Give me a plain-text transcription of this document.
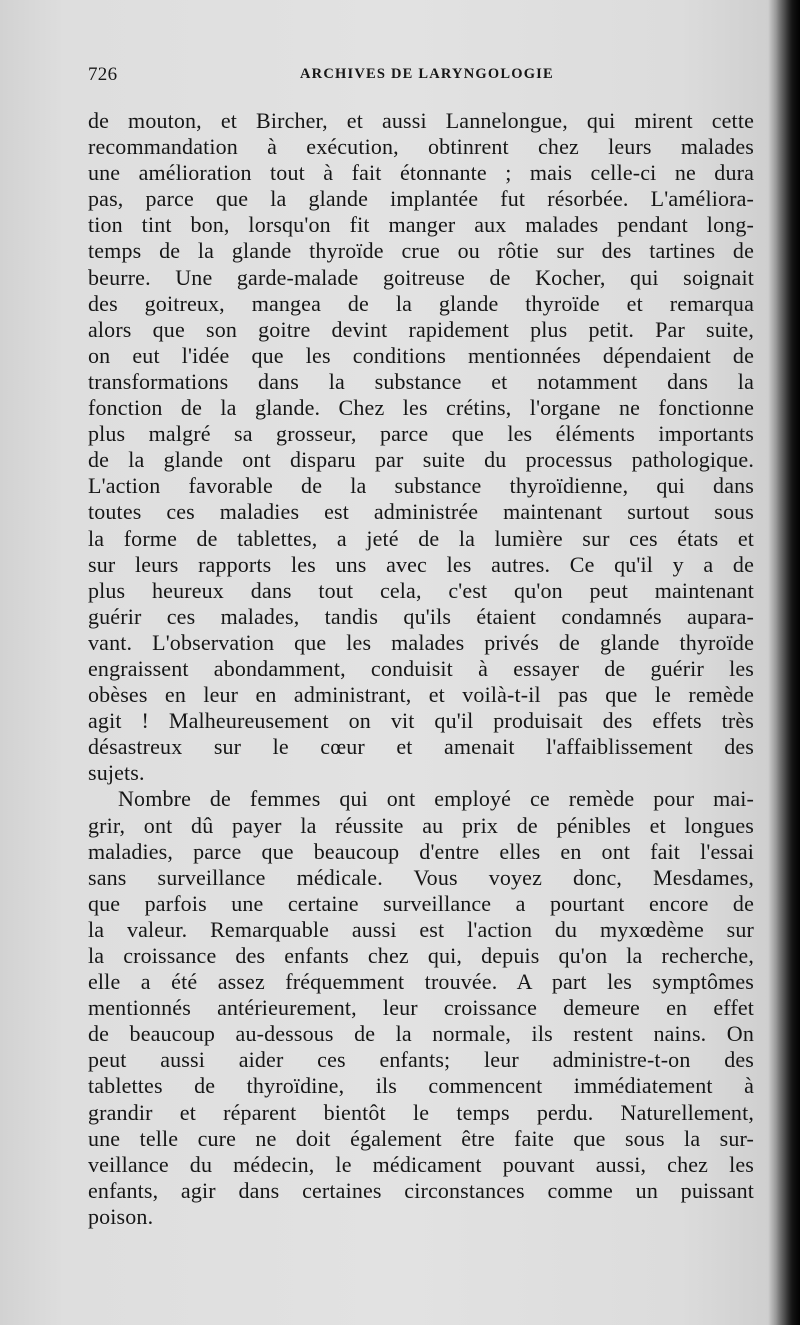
726	ARCHIVES DE LARYNGOLOGIE
de mouton, et Bircher, et aussi Lannelongue, qui mirent cette
recommandation à exécution, obtinrent chez leurs malades
une amélioration tout à fait étonnante ; mais celle-ci ne dura
pas, parce que la glande implantée fut résorbée. L'améliora-
tion tint bon, lorsqu'on fit manger aux malades pendant long-
temps de la glande thyroïde crue ou rôtie sur des tartines de
beurre. Une garde-malade goitreuse de Kocher, qui soignait
des goitreux, mangea de la glande thyroïde et remarqua
alors que son goitre devint rapidement plus petit. Par suite,
on eut l'idée que les conditions mentionnées dépendaient de
transformations dans la substance et notamment dans la
fonction de la glande. Chez les crétins, l'organe ne fonctionne
plus malgré sa grosseur, parce que les éléments importants
de la glande ont disparu par suite du processus pathologique.
L'action favorable de la substance thyroïdienne, qui dans
toutes ces maladies est administrée maintenant surtout sous
la forme de tablettes, a jeté de la lumière sur ces états et
sur leurs rapports les uns avec les autres. Ce qu'il y a de
plus heureux dans tout cela, c'est qu'on peut maintenant
guérir ces malades, tandis qu'ils étaient condamnés aupara-
vant. L'observation que les malades privés de glande thyroïde
engraissent abondamment, conduisit à essayer de guérir les
obèses en leur en administrant, et voilà-t-il pas que le remède
agit ! Malheureusement on vit qu'il produisait des effets très
désastreux sur le cœur et amenait l'affaiblissement des
sujets.
Nombre de femmes qui ont employé ce remède pour mai-
grir, ont dû payer la réussite au prix de pénibles et longues
maladies, parce que beaucoup d'entre elles en ont fait l'essai
sans surveillance médicale. Vous voyez donc, Mesdames,
que parfois une certaine surveillance a pourtant encore de
la valeur. Remarquable aussi est l'action du myxœdème sur
la croissance des enfants chez qui, depuis qu'on la recherche,
elle a été assez fréquemment trouvée. A part les symptômes
mentionnés antérieurement, leur croissance demeure en effet
de beaucoup au-dessous de la normale, ils restent nains. On
peut aussi aider ces enfants; leur administre-t-on des
tablettes de thyroïdine, ils commencent immédiatement à
grandir et réparent bientôt le temps perdu. Naturellement,
une telle cure ne doit également être faite que sous la sur-
veillance du médecin, le médicament pouvant aussi, chez les
enfants, agir dans certaines circonstances comme un puissant
poison.
